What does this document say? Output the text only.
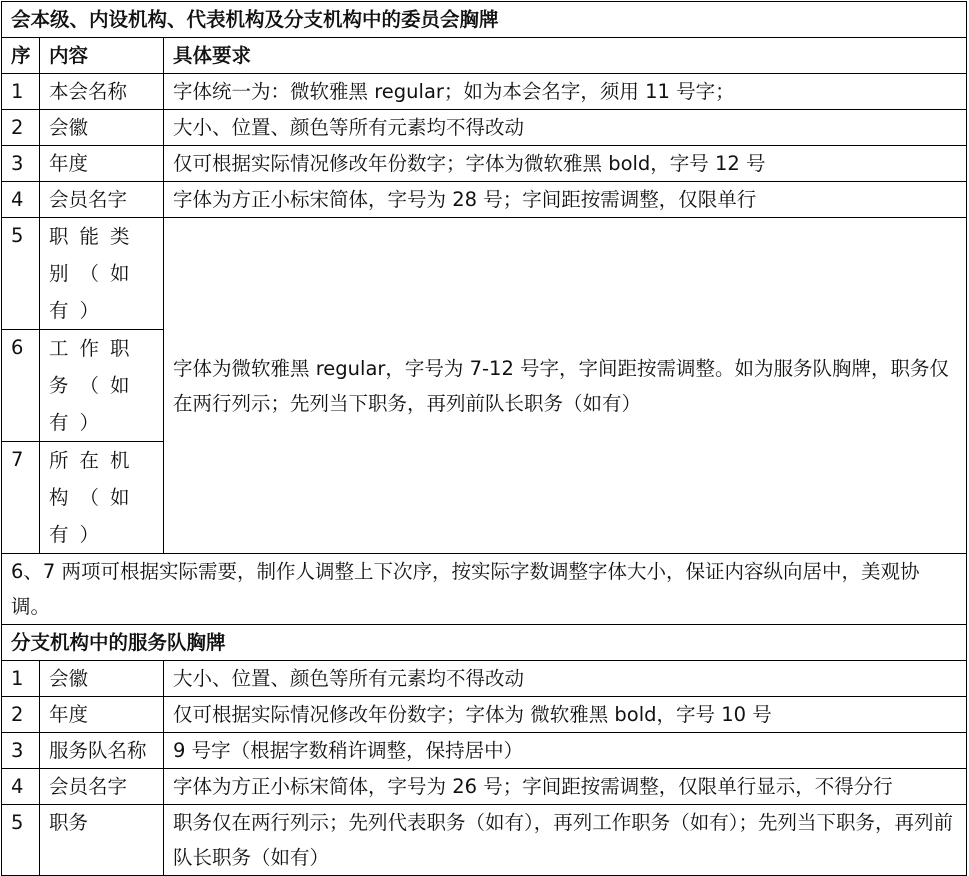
会本级、内设机构、代表机构及分支机构中的委员会胸牌		
序	内容	具体要求
1	本会名称	字体统一为：微软雅黑 regular；如为本会名字，须用 11 号字；
2	会徽	大小、位置、颜色等所有元素均不得改动
3	年度	仅可根据实际情况修改年份数字；字体为微软雅黑 bold，字号 12 号
4	会员名字	字体为方正小标宋简体，字号为 28 号；字间距按需调整，仅限单行
5	职能类别（如有）	字体为微软雅黑 regular，字号为 7-12 号字，字间距按需调整。如为服务队胸牌，职务仅在两行列示；先列当下职务，再列前队长职务（如有）
6	工作职务（如有）	
7	所在机构（如有）	
6、7 两项可根据实际需要，制作人调整上下次序，按实际字数调整字体大小，保证内容纵向居中，美观协调。		
分支机构中的服务队胸牌		
1	会徽	大小、位置、颜色等所有元素均不得改动
2	年度	仅可根据实际情况修改年份数字；字体为 微软雅黑 bold，字号 10 号
3	服务队名称	9 号字（根据字数稍许调整，保持居中）
4	会员名字	字体为方正小标宋简体，字号为 26 号；字间距按需调整，仅限单行显示，不得分行
5	职务	职务仅在两行列示；先列代表职务（如有），再列工作职务（如有）；先列当下职务，再列前队长职务（如有）
